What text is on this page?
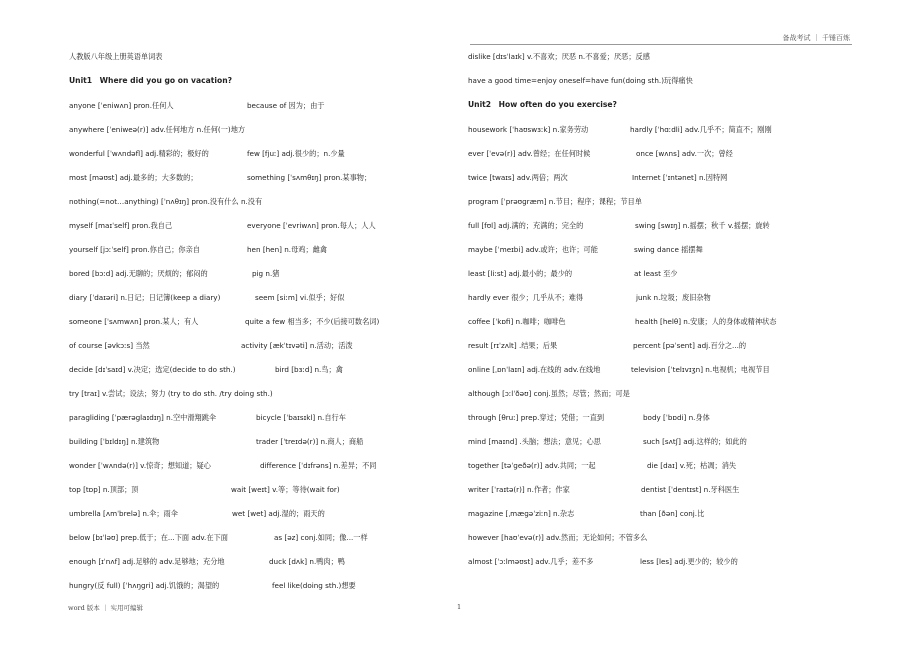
备战考试 ｜ 千锤百炼
人教版八年级上册英语单词表
Unit1　Where did you go on vacation?
anyone [ˈeniwʌn] pron.任何人	because of 因为；由于
anywhere [ˈeniweə(r)] adv.任何地方 n.任何(一)地方
wonderful [ˈwʌndəfl] adj.精彩的；极好的	few [fjuː] adj.很少的；n.少量
most [məʊst] adj.最多的；大多数的；	something [ˈsʌmθɪŋ] pron.某事物；
nothing(=not…anything) [ˈnʌθɪŋ] pron.没有什么 n.没有
myself [maɪˈself] pron.我自己	everyone [ˈevriwʌn] pron.每人；人人
yourself [jɔːˈself] pron.你自己；你亲自	hen [hen] n.母鸡；雌禽
bored [bɔːd] adj.无聊的；厌烦的；郁闷的	pig n.猪
diary [ˈdaɪəri] n.日记；日记簿(keep a diary)	seem [siːm] vi.似乎；好似
someone [ˈsʌmwʌn] pron.某人；有人	quite a few 相当多；不少(后接可数名词)
of course [əvkɔːs] 当然	activity [ækˈtɪvəti] n.活动；活泼
decide [dɪˈsaɪd] v.决定；选定(decide to do sth.)	bird [bɜːd] n.鸟；禽
try [traɪ] v.尝试；设法；努力 (try to do sth. /try doing sth.)
paragliding [ˈpærəɡlaɪdɪŋ] n.空中滑翔跳伞	bicycle [ˈbaɪsɪkl] n.自行车
building [ˈbɪldɪŋ] n.建筑物	trader [ˈtreɪdə(r)] n.商人；商船
wonder [ˈwʌndə(r)] v.惊奇；想知道；疑心	difference [ˈdɪfrəns] n.差异；不同
top [tɒp] n.顶部；顶	wait [weɪt] v.等；等待(wait for)
umbrella [ʌmˈbrelə] n.伞；雨伞	wet [wet] adj.湿的；雨天的
below [bɪˈləʊ] prep.低于；在...下面 adv.在下面	as [əz] conj.如同；像...一样
enough [ɪˈnʌf] adj.足够的 adv.足够地；充分地	duck [dʌk] n.鸭肉；鸭
hungry(反 full) [ˈhʌŋɡri] adj.饥饿的；渴望的	feel like(doing sth.)想要
dislike [dɪsˈlaɪk] v.不喜欢；厌恶 n.不喜爱；厌恶；反感
have a good time=enjoy oneself=have fun(doing sth.)玩得痛快
Unit2　How often do you exercise?
housework [ˈhaʊswɜːk] n.家务劳动	hardly [ˈhɑːdli] adv.几乎不；简直不；刚刚
ever [ˈevə(r)] adv.曾经；在任何时候	once [wʌns] adv.一次；曾经
twice [twaɪs] adv.两倍；两次	Internet [ˈɪntənet] n.因特网
program [ˈprəʊɡræm] n.节目；程序；课程；节目单
full [fʊl] adj.满的；充满的；完全的	swing [swɪŋ] n.摇摆；秋千 v.摇摆；旋转
maybe [ˈmeɪbi] adv.或许；也许；可能	swing dance 摇摆舞
least [liːst] adj.最小的；最少的	at least 至少
hardly ever 很少；几乎从不；难得	junk n.垃圾；废旧杂物
coffee [ˈkɒfi] n.咖啡；咖啡色	health [helθ] n.安康；人的身体或精神状态
result [rɪˈzʌlt] .结果；后果	percent [pəˈsent] adj.百分之...的
online [ˌɒnˈlaɪn] adj.在线的 adv.在线地	television [ˈtelɪvɪʒn] n.电视机；电视节目
although [ɔːlˈðəʊ] conj.虽然；尽管；然而；可是
through [θruː] prep.穿过；凭借；一直到	body [ˈbɒdi] n.身体
mind [maɪnd] .头脑；想法；意见；心思	such [sʌtʃ] adj.这样的；如此的
together [təˈɡeðə(r)] adv.共同；一起	die [daɪ] v.死；枯凋；消失
writer [ˈraɪtə(r)] n.作者；作家	dentist [ˈdentɪst] n.牙科医生
magazine [ˌmæɡəˈziːn] n.杂志	than [ðən] conj.比
however [haʊˈevə(r)] adv.然而；无论如何；不管多么
almost [ˈɔːlməʊst] adv.几乎；差不多	less [les] adj.更少的；较少的
word 版本 ｜ 实用可编辑	1
